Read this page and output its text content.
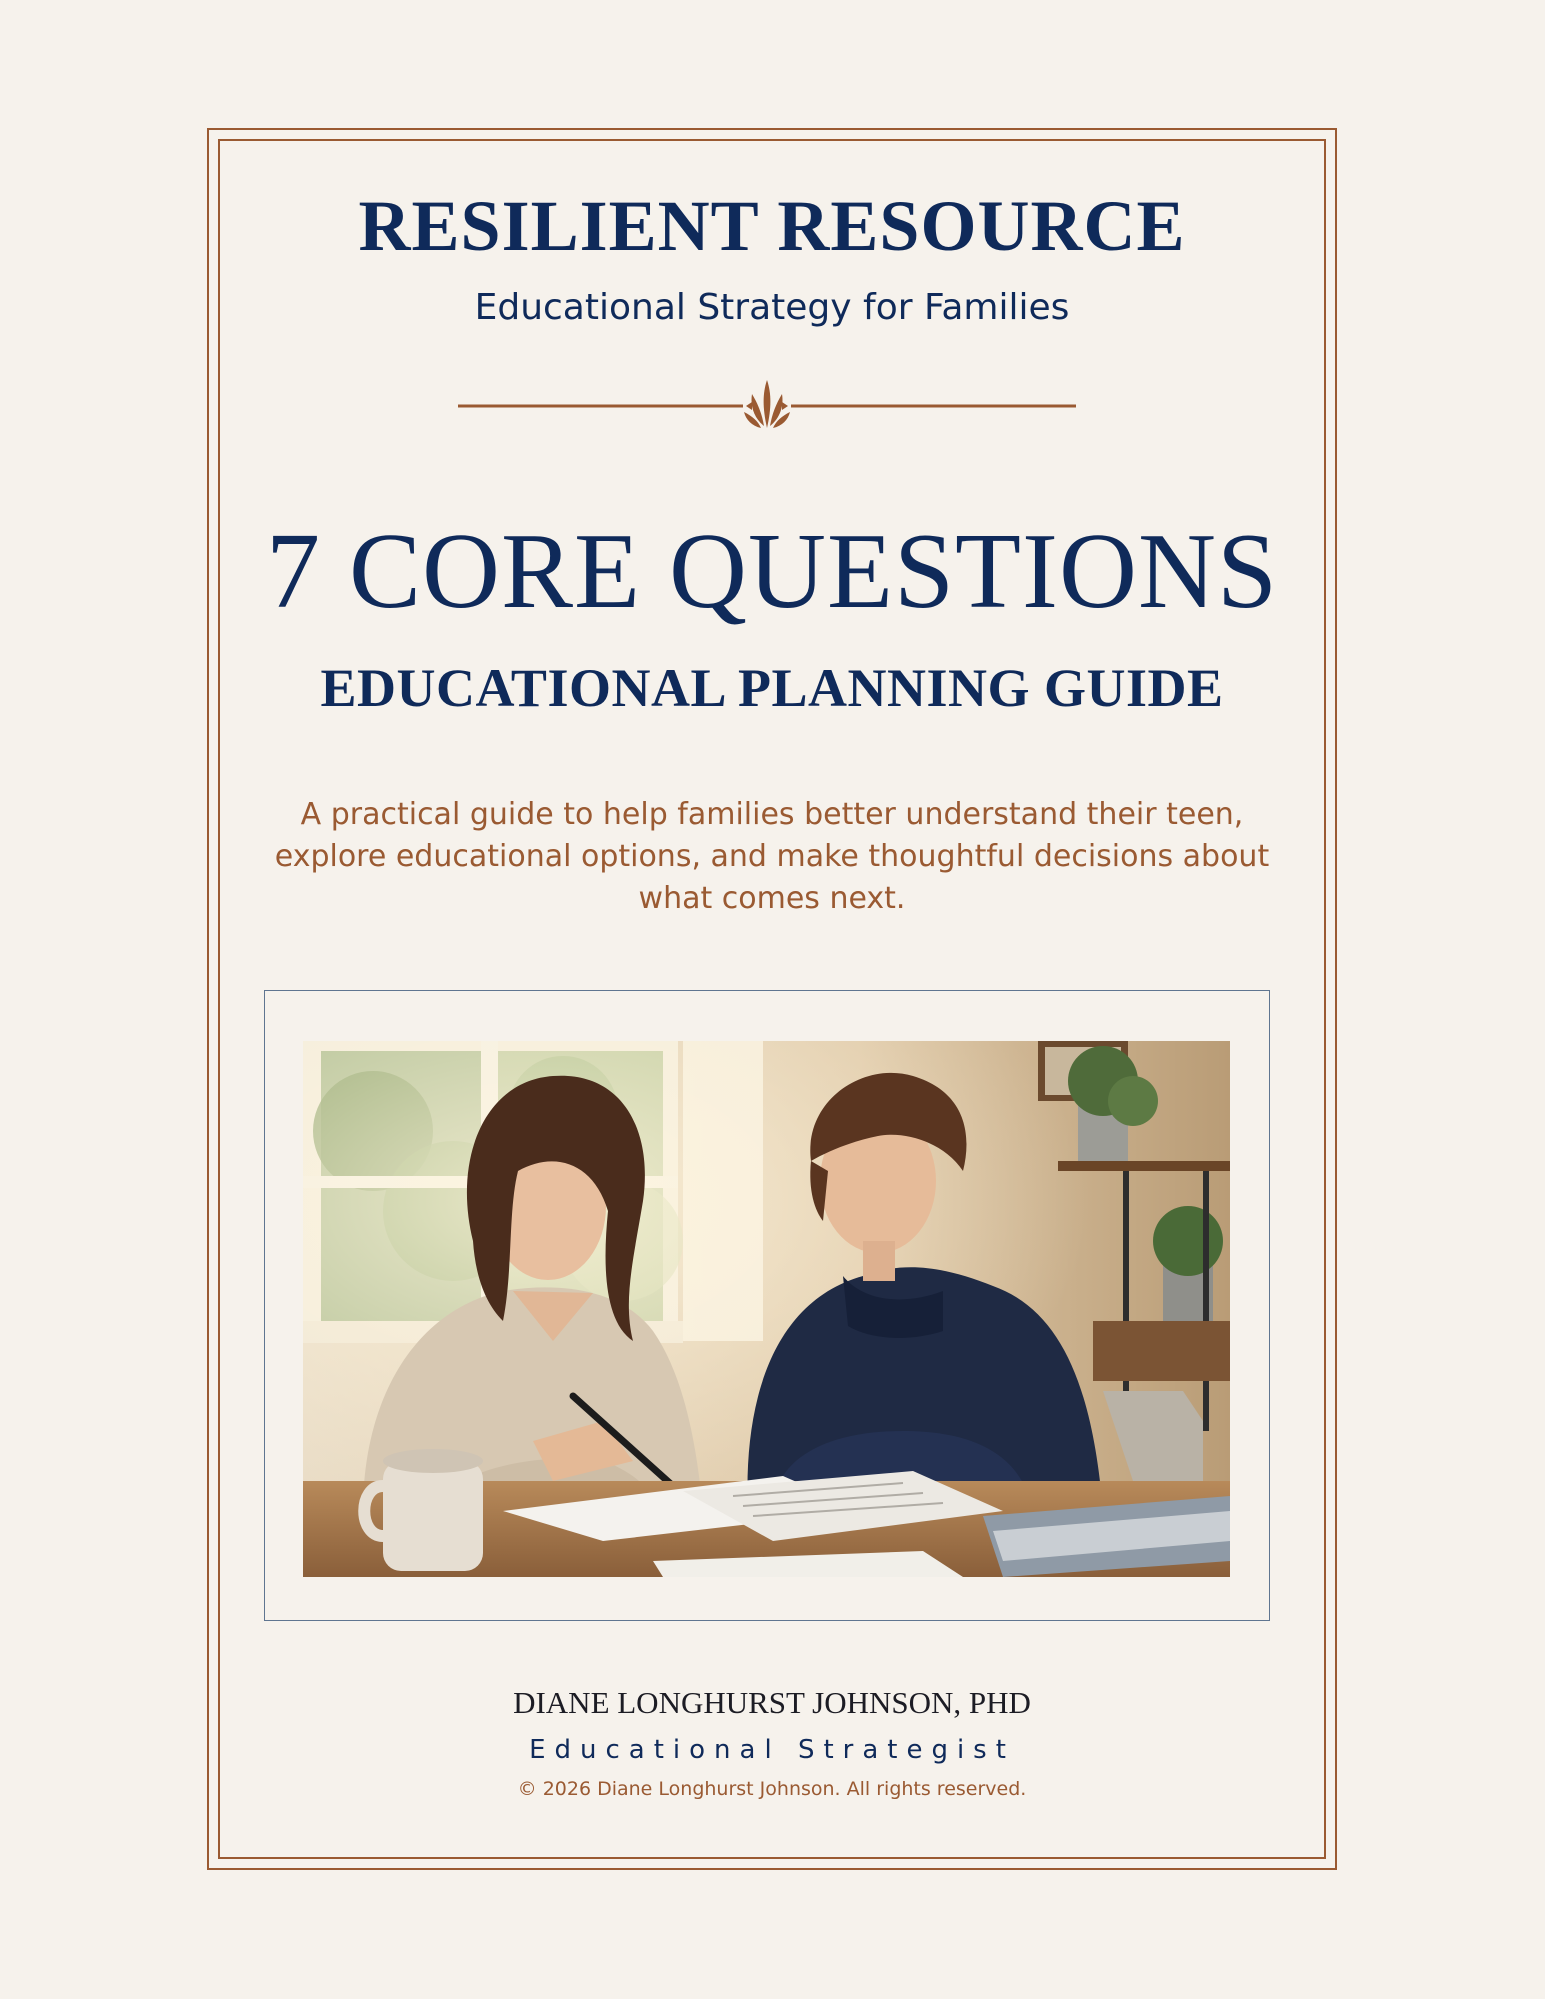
RESILIENT RESOURCE
Educational Strategy for Families
7 CORE QUESTIONS
EDUCATIONAL PLANNING GUIDE
A practical guide to help families better understand their teen, explore educational options, and make thoughtful decisions about what comes next.
DIANE LONGHURST JOHNSON, PHD
Educational Strategist
© 2026 Diane Longhurst Johnson. All rights reserved.
